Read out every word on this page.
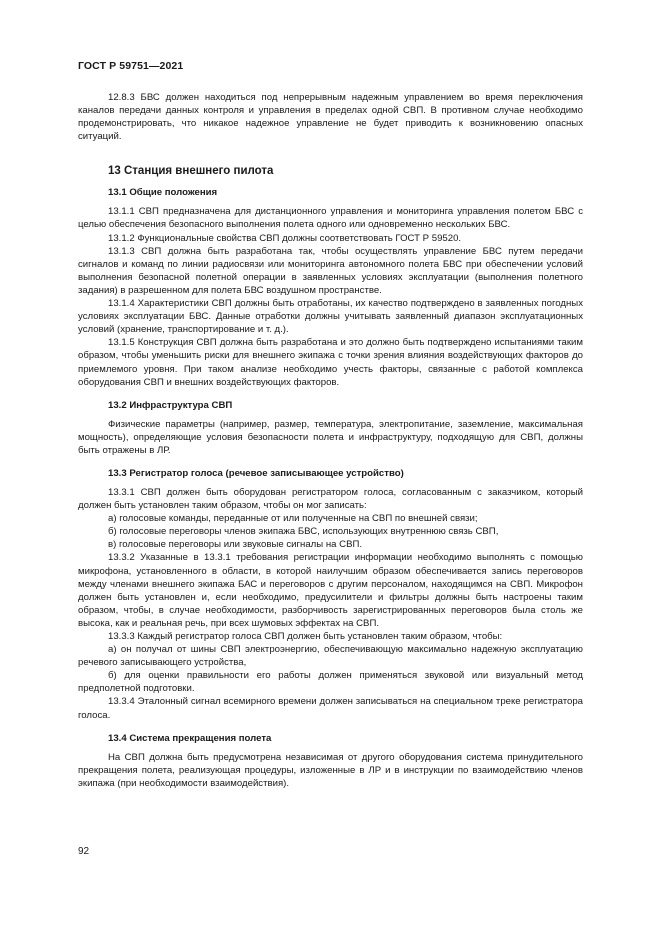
ГОСТ Р 59751—2021

12.8.3 БВС должен находиться под непрерывным надежным управлением во время переключения каналов передачи данных контроля и управления в пределах одной СВП. В противном случае необходимо продемонстрировать, что никакое надежное управление не будет приводить к возникновению опасных ситуаций.

13 Станция внешнего пилота
13.1 Общие положения

13.1.1 СВП предназначена для дистанционного управления и мониторинга управления полетом БВС с целью обеспечения безопасного выполнения полета одного или одновременно нескольких БВС.

13.1.2 Функциональные свойства СВП должны соответствовать ГОСТ Р 59520.

13.1.3 СВП должна быть разработана так, чтобы осуществлять управление БВС путем передачи сигналов и команд по линии радиосвязи или мониторинга автономного полета БВС при обеспечении условий выполнения безопасной полетной операции в заявленных условиях эксплуатации (выполнения полетного задания) в разрешенном для полета БВС воздушном пространстве.

13.1.4 Характеристики СВП должны быть отработаны, их качество подтверждено в заявленных погодных условиях эксплуатации БВС. Данные отработки должны учитывать заявленный диапазон эксплуатационных условий (хранение, транспортирование и т. д.).

13.1.5 Конструкция СВП должна быть разработана и это должно быть подтверждено испытаниями таким образом, чтобы уменьшить риски для внешнего экипажа с точки зрения влияния воздействующих факторов до приемлемого уровня. При таком анализе необходимо учесть факторы, связанные с работой комплекса оборудования СВП и внешних воздействующих факторов.

13.2 Инфраструктура СВП

Физические параметры (например, размер, температура, электропитание, заземление, максимальная мощность), определяющие условия безопасности полета и инфраструктуру, подходящую для СВП, должны быть отражены в ЛР.

13.3 Регистратор голоса (речевое записывающее устройство)

13.3.1 СВП должен быть оборудован регистратором голоса, согласованным с заказчиком, который должен быть установлен таким образом, чтобы он мог записать:

а) голосовые команды, переданные от или полученные на СВП по внешней связи;

б) голосовые переговоры членов экипажа БВС, использующих внутреннюю связь СВП,

в) голосовые переговоры или звуковые сигналы на СВП.

13.3.2 Указанные в 13.3.1 требования регистрации информации необходимо выполнять с помощью микрофона, установленного в области, в которой наилучшим образом обеспечивается запись переговоров между членами внешнего экипажа БАС и переговоров с другим персоналом, находящимся на СВП. Микрофон должен быть установлен и, если необходимо, предусилители и фильтры должны быть настроены таким образом, чтобы, в случае необходимости, разборчивость зарегистрированных переговоров была столь же высока, как и реальная речь, при всех шумовых эффектах на СВП.

13.3.3 Каждый регистратор голоса СВП должен быть установлен таким образом, чтобы:

а) он получал от шины СВП электроэнергию, обеспечивающую максимально надежную эксплуатацию речевого записывающего устройства,

б) для оценки правильности его работы должен применяться звуковой или визуальный метод предполетной подготовки.

13.3.4 Эталонный сигнал всемирного времени должен записываться на специальном треке регистратора голоса.

13.4 Система прекращения полета

На СВП должна быть предусмотрена независимая от другого оборудования система принудительного прекращения полета, реализующая процедуры, изложенные в ЛР и в инструкции по взаимодействию членов экипажа (при необходимости взаимодействия).

92
